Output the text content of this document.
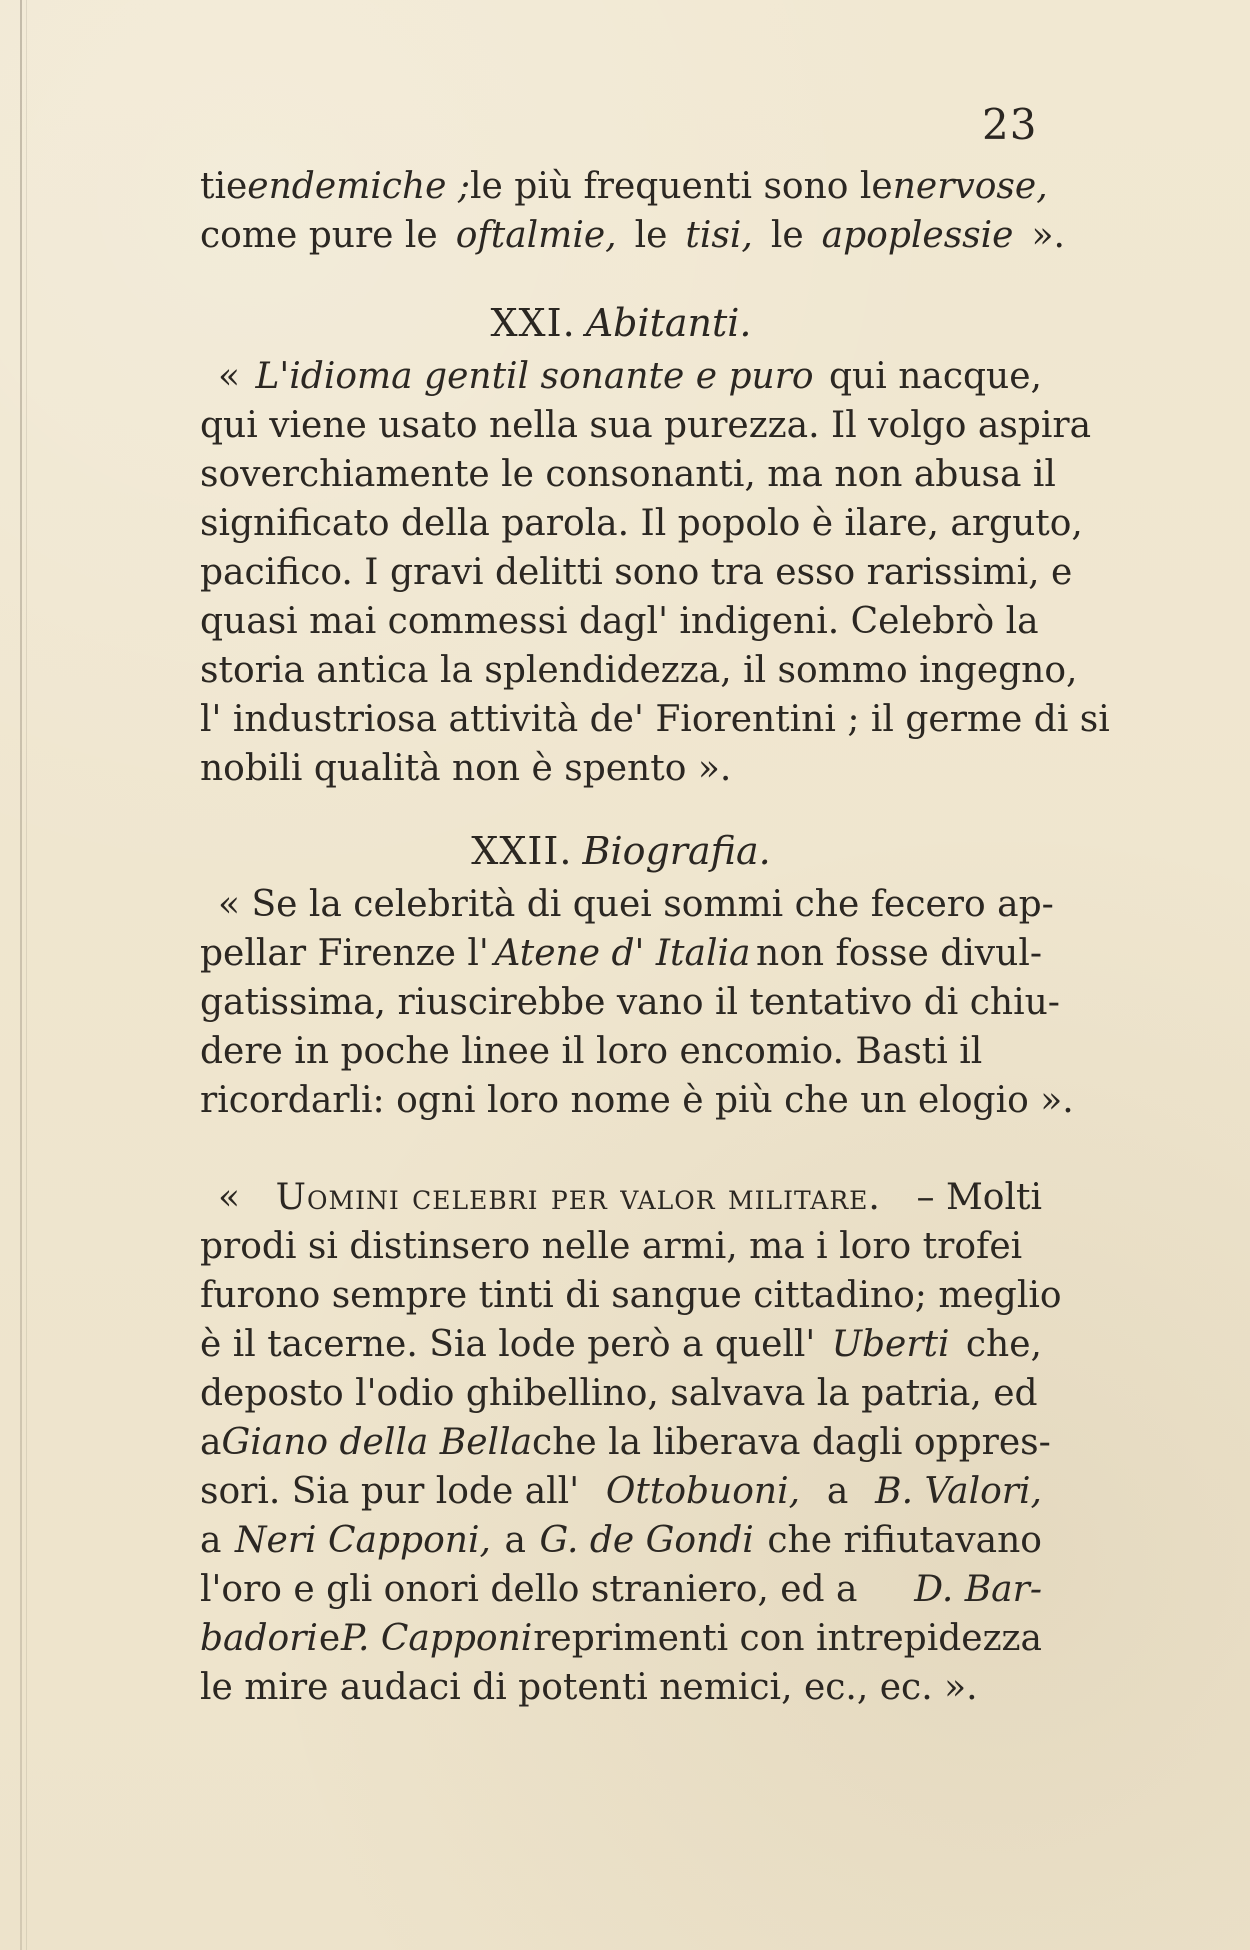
23
tie endemiche ; le più frequenti sono le nervose,
come pure le oftalmie, le tisi, le apoplessie ».
XXI. Abitanti.
« L'idioma gentil sonante e puro qui nacque,
qui viene usato nella sua purezza. Il volgo aspira
soverchiamente le consonanti, ma non abusa il
significato della parola. Il popolo è ilare, arguto,
pacifico. I gravi delitti sono tra esso rarissimi, e
quasi mai commessi dagl' indigeni. Celebrò la
storia antica la splendidezza, il sommo ingegno,
l' industriosa attività de' Fiorentini ; il germe di si
nobili qualità non è spento ».
XXII. Biografia.
« Se la celebrità di quei sommi che fecero ap-
pellar Firenze l' Atene d' Italia non fosse divul-
gatissima, riuscirebbe vano il tentativo di chiu-
dere in poche linee il loro encomio. Basti il
ricordarli: ogni loro nome è più che un elogio ».
« Uomini celebri per valor militare. – Molti
prodi si distinsero nelle armi, ma i loro trofei
furono sempre tinti di sangue cittadino; meglio
è il tacerne. Sia lode però a quell' Uberti che,
deposto l'odio ghibellino, salvava la patria, ed
a Giano della Bella che la liberava dagli oppres-
sori. Sia pur lode all' Ottobuoni, a B. Valori,
a Neri Capponi, a G. de Gondi che rifiutavano
l'oro e gli onori dello straniero, ed a D. Bar-
badori e P. Capponi reprimenti con intrepidezza
le mire audaci di potenti nemici, ec., ec. ».
